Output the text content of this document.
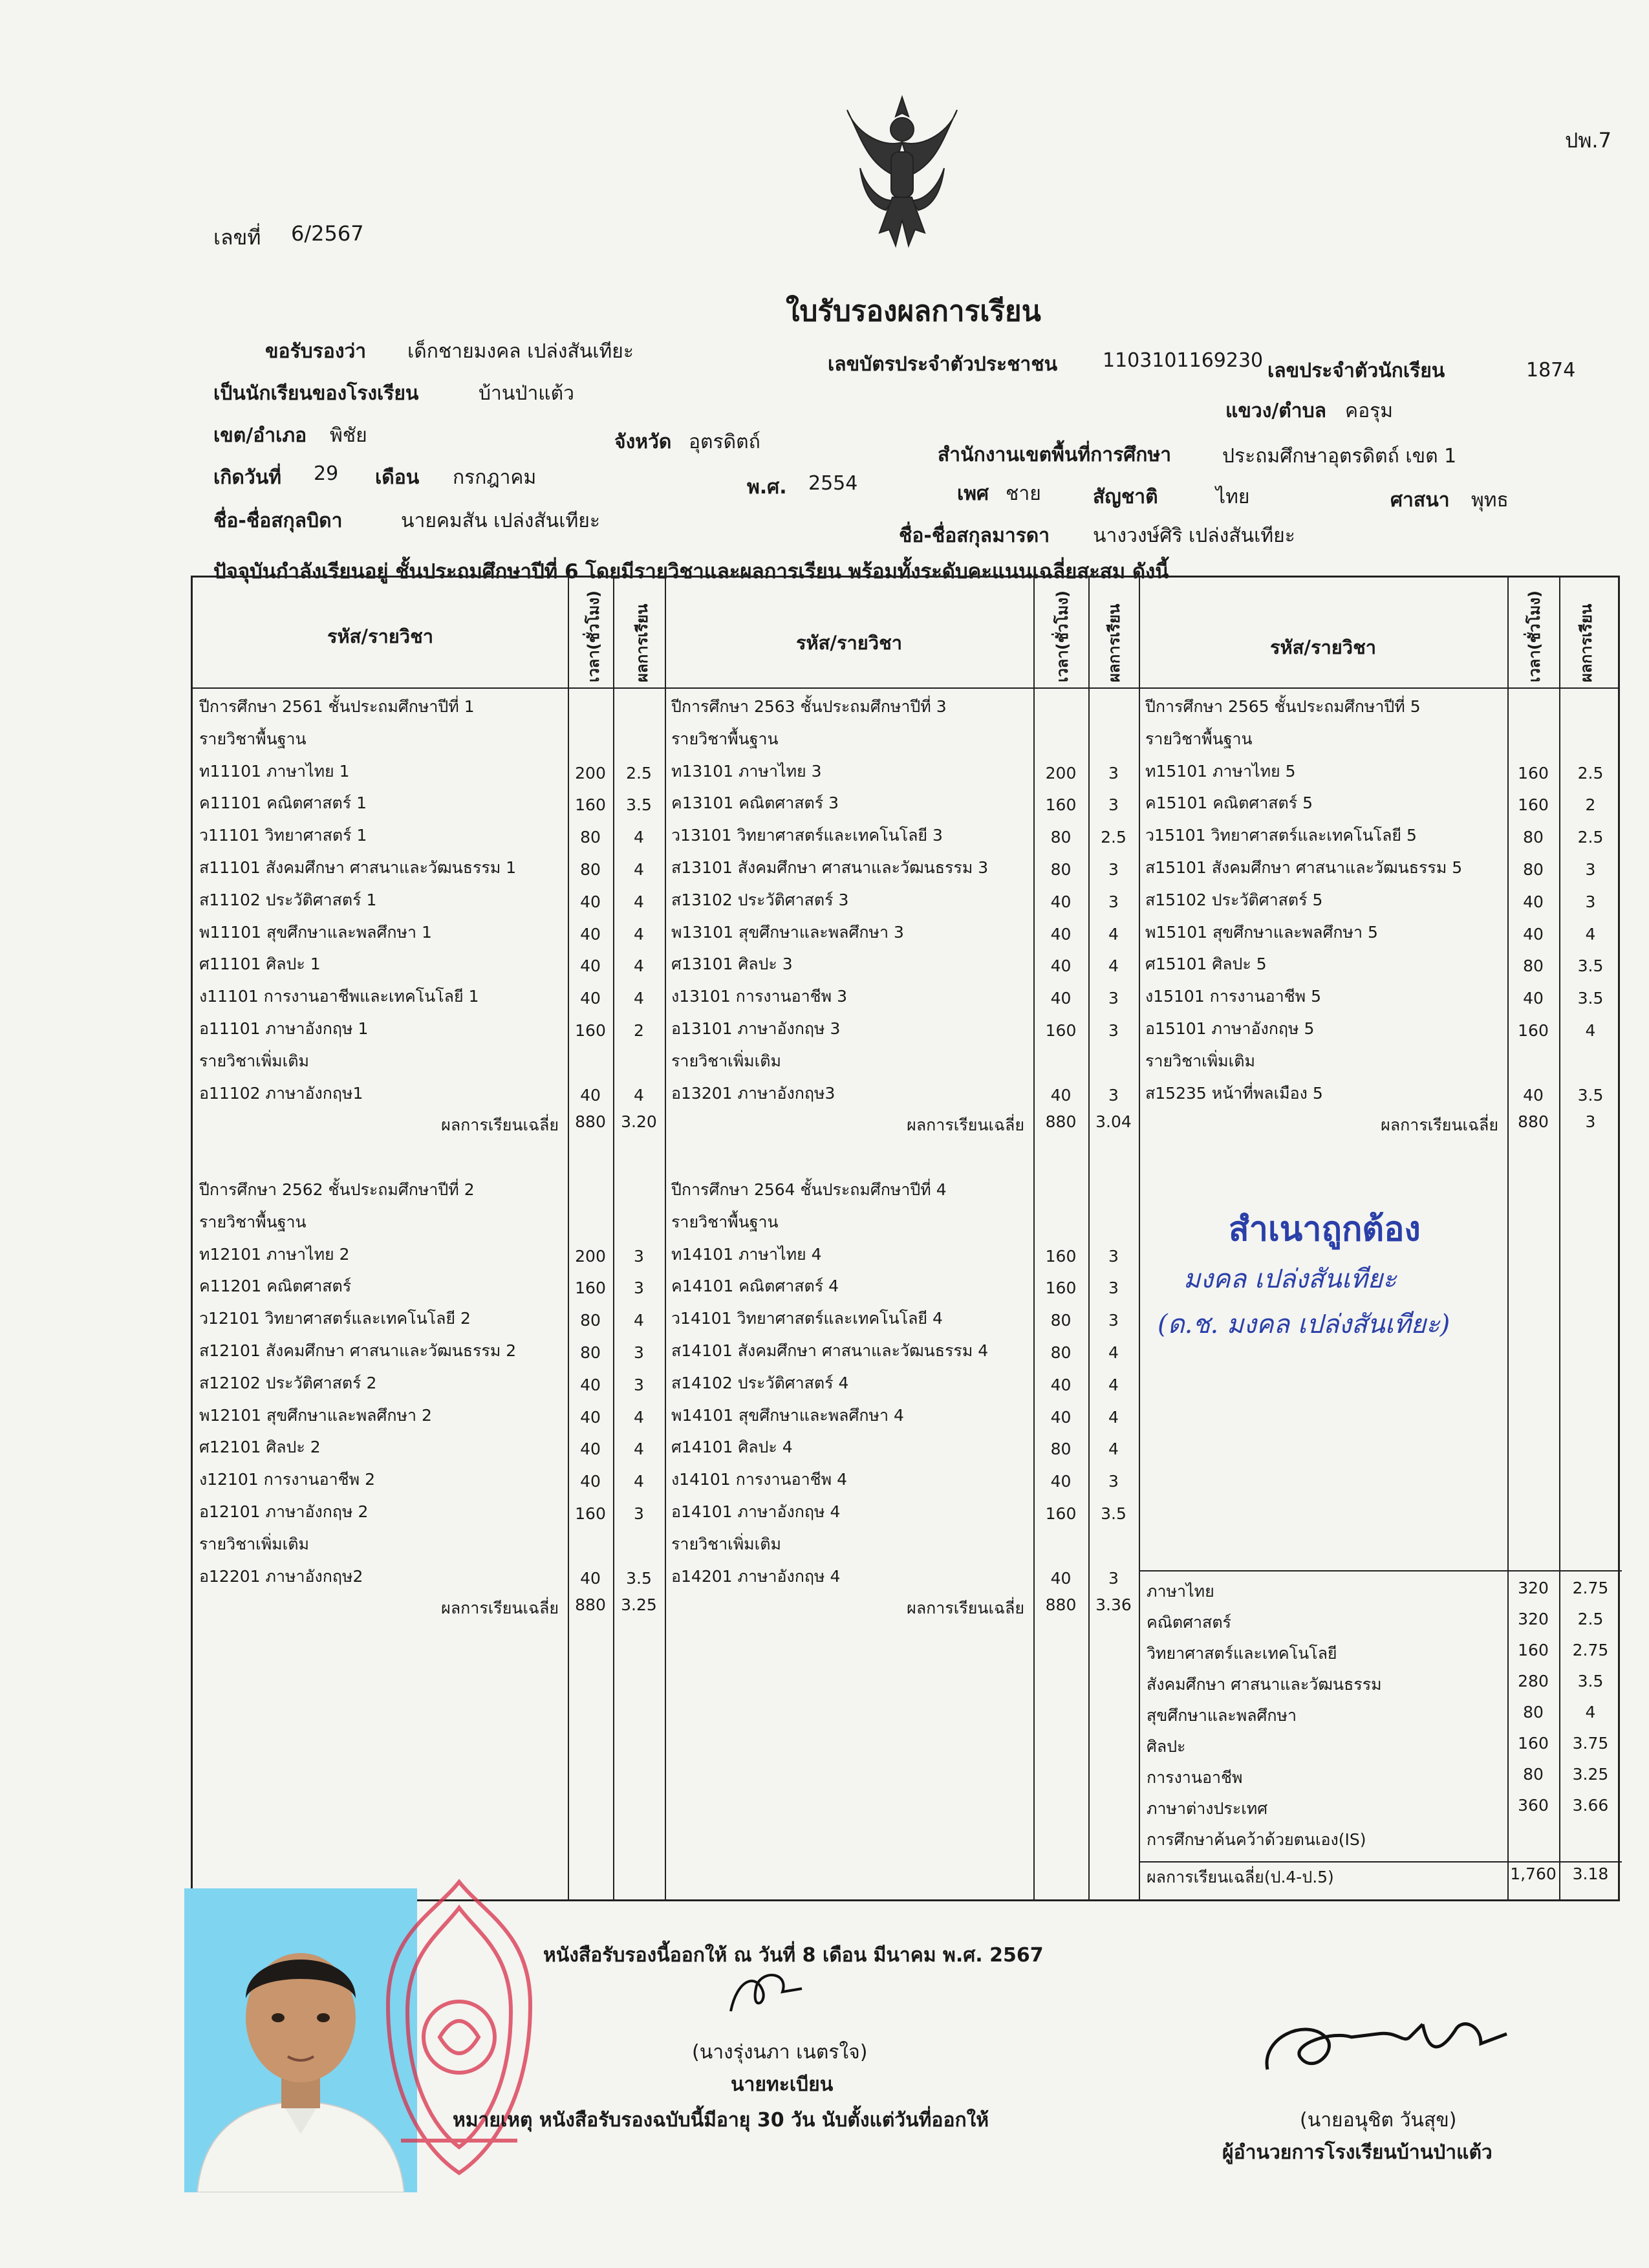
ปพ.7
เลขที่ 6/2567
ใบรับรองผลการเรียน
ขอรับรองว่า เด็กชายมงคล เปล่งสันเทียะ
เลขบัตรประจำตัวประชาชน 1103101169230 เลขประจำตัวนักเรียน	1874
เป็นนักเรียนของโรงเรียน	บ้านป่าแต้ว
แขวง/ตำบล คอรุม
เขต/อำเภอ พิชัย	จังหวัด อุตรดิตถ์
สำนักงานเขตพื้นที่การศึกษา	ประถมศึกษาอุตรดิตถ์ เขต 1
เกิดวันที่ 29 เดือน กรกฎาคม	พ.ศ. 2554	เพศ ชาย	สัญชาติ	ไทย	ศาสนา พุทธ
ชื่อ-ชื่อสกุลบิดา	นายคมสัน เปล่งสันเทียะ
ชื่อ-ชื่อสกุลมารดา นางวงษ์ศิริ เปล่งสันเทียะ
ปัจจุบันกำลังเรียนอยู่ ชั้นประถมศึกษาปีที่ 6 โดยมีรายวิชาและผลการเรียน พร้อมทั้งระดับคะแนนเฉลี่ยสะสม ดังนี้
รหัส/รายวิชา	เวลา(ชั่วโมง) ผลการเรียน	รหัส/รายวิชา	เวลา(ชั่วโมง) ผลการเรียน	รหัส/รายวิชา	เวลา(ชั่วโมง) ผลการเรียน
ปีการศึกษา 2561 ชั้นประถมศึกษาปีที่ 1
รายวิชาพื้นฐาน
ท11101 ภาษาไทย 1	200	2.5
ค11101 คณิตศาสตร์ 1	160	3.5
ว11101 วิทยาศาสตร์ 1	80	4
ส11101 สังคมศึกษา ศาสนาและวัฒนธรรม 1	80	4
ส11102 ประวัติศาสตร์ 1	40	4
พ11101 สุขศึกษาและพลศึกษา 1	40	4
ศ11101 ศิลปะ 1	40	4
ง11101 การงานอาชีพและเทคโนโลยี 1	40	4
อ11101 ภาษาอังกฤษ 1	160	2
รายวิชาเพิ่มเติม
อ11102 ภาษาอังกฤษ1	40	4
ผลการเรียนเฉลี่ย	880 3.20
ปีการศึกษา 2562 ชั้นประถมศึกษาปีที่ 2
รายวิชาพื้นฐาน
ท12101 ภาษาไทย 2	200	3
ค11201 คณิตศาสตร์	160	3
ว12101 วิทยาศาสตร์และเทคโนโลยี 2	80	4
ส12101 สังคมศึกษา ศาสนาและวัฒนธรรม 2	80	3
ส12102 ประวัติศาสตร์ 2	40	3
พ12101 สุขศึกษาและพลศึกษา 2	40	4
ศ12101 ศิลปะ 2	40	4
ง12101 การงานอาชีพ 2	40	4
อ12101 ภาษาอังกฤษ 2	160	3
รายวิชาเพิ่มเติม
อ12201 ภาษาอังกฤษ2	40	3.5
ผลการเรียนเฉลี่ย	880 3.25
ปีการศึกษา 2563 ชั้นประถมศึกษาปีที่ 3
รายวิชาพื้นฐาน
ท13101 ภาษาไทย 3	200	3
ค13101 คณิตศาสตร์ 3	160	3
ว13101 วิทยาศาสตร์และเทคโนโลยี 3	80	2.5
ส13101 สังคมศึกษา ศาสนาและวัฒนธรรม 3	80	3
ส13102 ประวัติศาสตร์ 3	40	3
พ13101 สุขศึกษาและพลศึกษา 3	40	4
ศ13101 ศิลปะ 3	40	4
ง13101 การงานอาชีพ 3	40	3
อ13101 ภาษาอังกฤษ 3	160	3
รายวิชาเพิ่มเติม
อ13201 ภาษาอังกฤษ3	40	3
ผลการเรียนเฉลี่ย	880	3.04
ปีการศึกษา 2564 ชั้นประถมศึกษาปีที่ 4
รายวิชาพื้นฐาน
ท14101 ภาษาไทย 4	160	3
ค14101 คณิตศาสตร์ 4	160	3
ว14101 วิทยาศาสตร์และเทคโนโลยี 4	80	3
ส14101 สังคมศึกษา ศาสนาและวัฒนธรรม 4	80	4
ส14102 ประวัติศาสตร์ 4	40	4
พ14101 สุขศึกษาและพลศึกษา 4	40	4
ศ14101 ศิลปะ 4	80	4
ง14101 การงานอาชีพ 4	40	3
อ14101 ภาษาอังกฤษ 4	160	3.5
รายวิชาเพิ่มเติม
อ14201 ภาษาอังกฤษ 4	40	3
ผลการเรียนเฉลี่ย	880	3.36
ปีการศึกษา 2565 ชั้นประถมศึกษาปีที่ 5
รายวิชาพื้นฐาน
ท15101 ภาษาไทย 5	160	2.5
ค15101 คณิตศาสตร์ 5	160	2
ว15101 วิทยาศาสตร์และเทคโนโลยี 5	80	2.5
ส15101 สังคมศึกษา ศาสนาและวัฒนธรรม 5	80	3
ส15102 ประวัติศาสตร์ 5	40	3
พ15101 สุขศึกษาและพลศึกษา 5	40	4
ศ15101 ศิลปะ 5	80	3.5
ง15101 การงานอาชีพ 5	40	3.5
อ15101 ภาษาอังกฤษ 5	160	4
รายวิชาเพิ่มเติม
ส15235 หน้าที่พลเมือง 5	40	3.5
ผลการเรียนเฉลี่ย	880	3
ภาษาไทย	320	2.75
คณิตศาสตร์	320	2.5
วิทยาศาสตร์และเทคโนโลยี	160	2.75
สังคมศึกษา ศาสนาและวัฒนธรรม	280	3.5
สุขศึกษาและพลศึกษา	80	4
ศิลปะ	160	3.75
การงานอาชีพ	80	3.25
ภาษาต่างประเทศ	360	3.66
การศึกษาค้นคว้าด้วยตนเอง(IS)
ผลการเรียนเฉลี่ย(ป.4-ป.5)	1,760 3.18
สำเนาถูกต้อง
มงคล เปล่งสันเทียะ
(ด.ช. มงคล เปล่งสันเทียะ)
หนังสือรับรองนี้ออกให้ ณ วันที่ 8 เดือน มีนาคม พ.ศ. 2567
(นางรุ่งนภา เนตรใจ)
นายทะเบียน
หมายเหตุ หนังสือรับรองฉบับนี้มีอายุ 30 วัน นับตั้งแต่วันที่ออกให้	(นายอนุชิต วันสุข)
ผู้อำนวยการโรงเรียนบ้านป่าแต้ว
